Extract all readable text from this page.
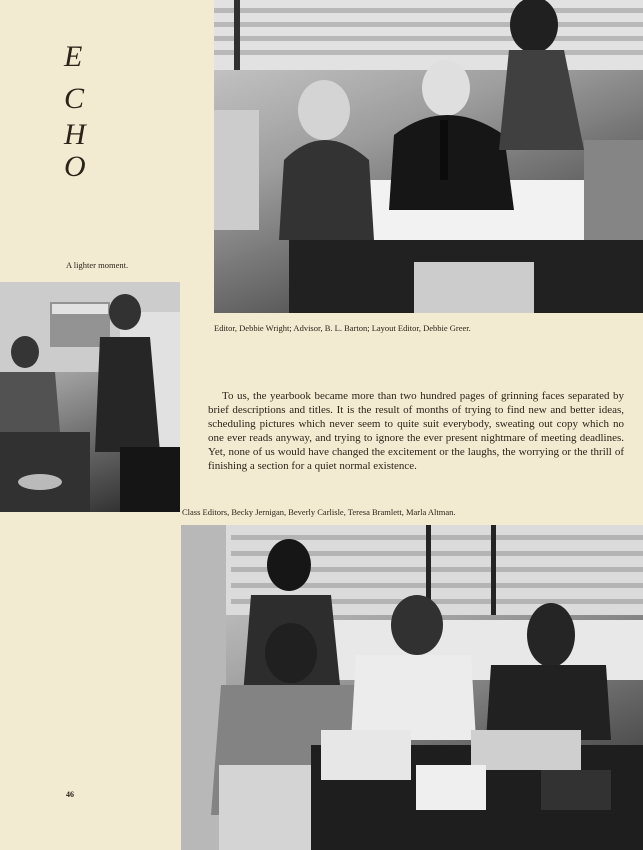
E
C
H
O
A lighter moment.
Editor, Debbie Wright; Advisor, B. L. Barton; Layout Editor, Debbie Greer.

To us, the yearbook became more than two hundred pages of grinning faces separated by brief descriptions and titles. It is the result of months of trying to find new and better ideas, scheduling pictures which never seem to quite suit everybody, sweating out copy which no one ever reads anyway, and trying to ignore the ever present nightmare of meeting deadlines. Yet, none of us would have changed the excitement or the laughs, the worrying or the thrill of finishing a section for a quiet normal existence.

Class Editors, Becky Jernigan, Beverly Carlisle, Teresa Bramlett, Marla Altman.
46
